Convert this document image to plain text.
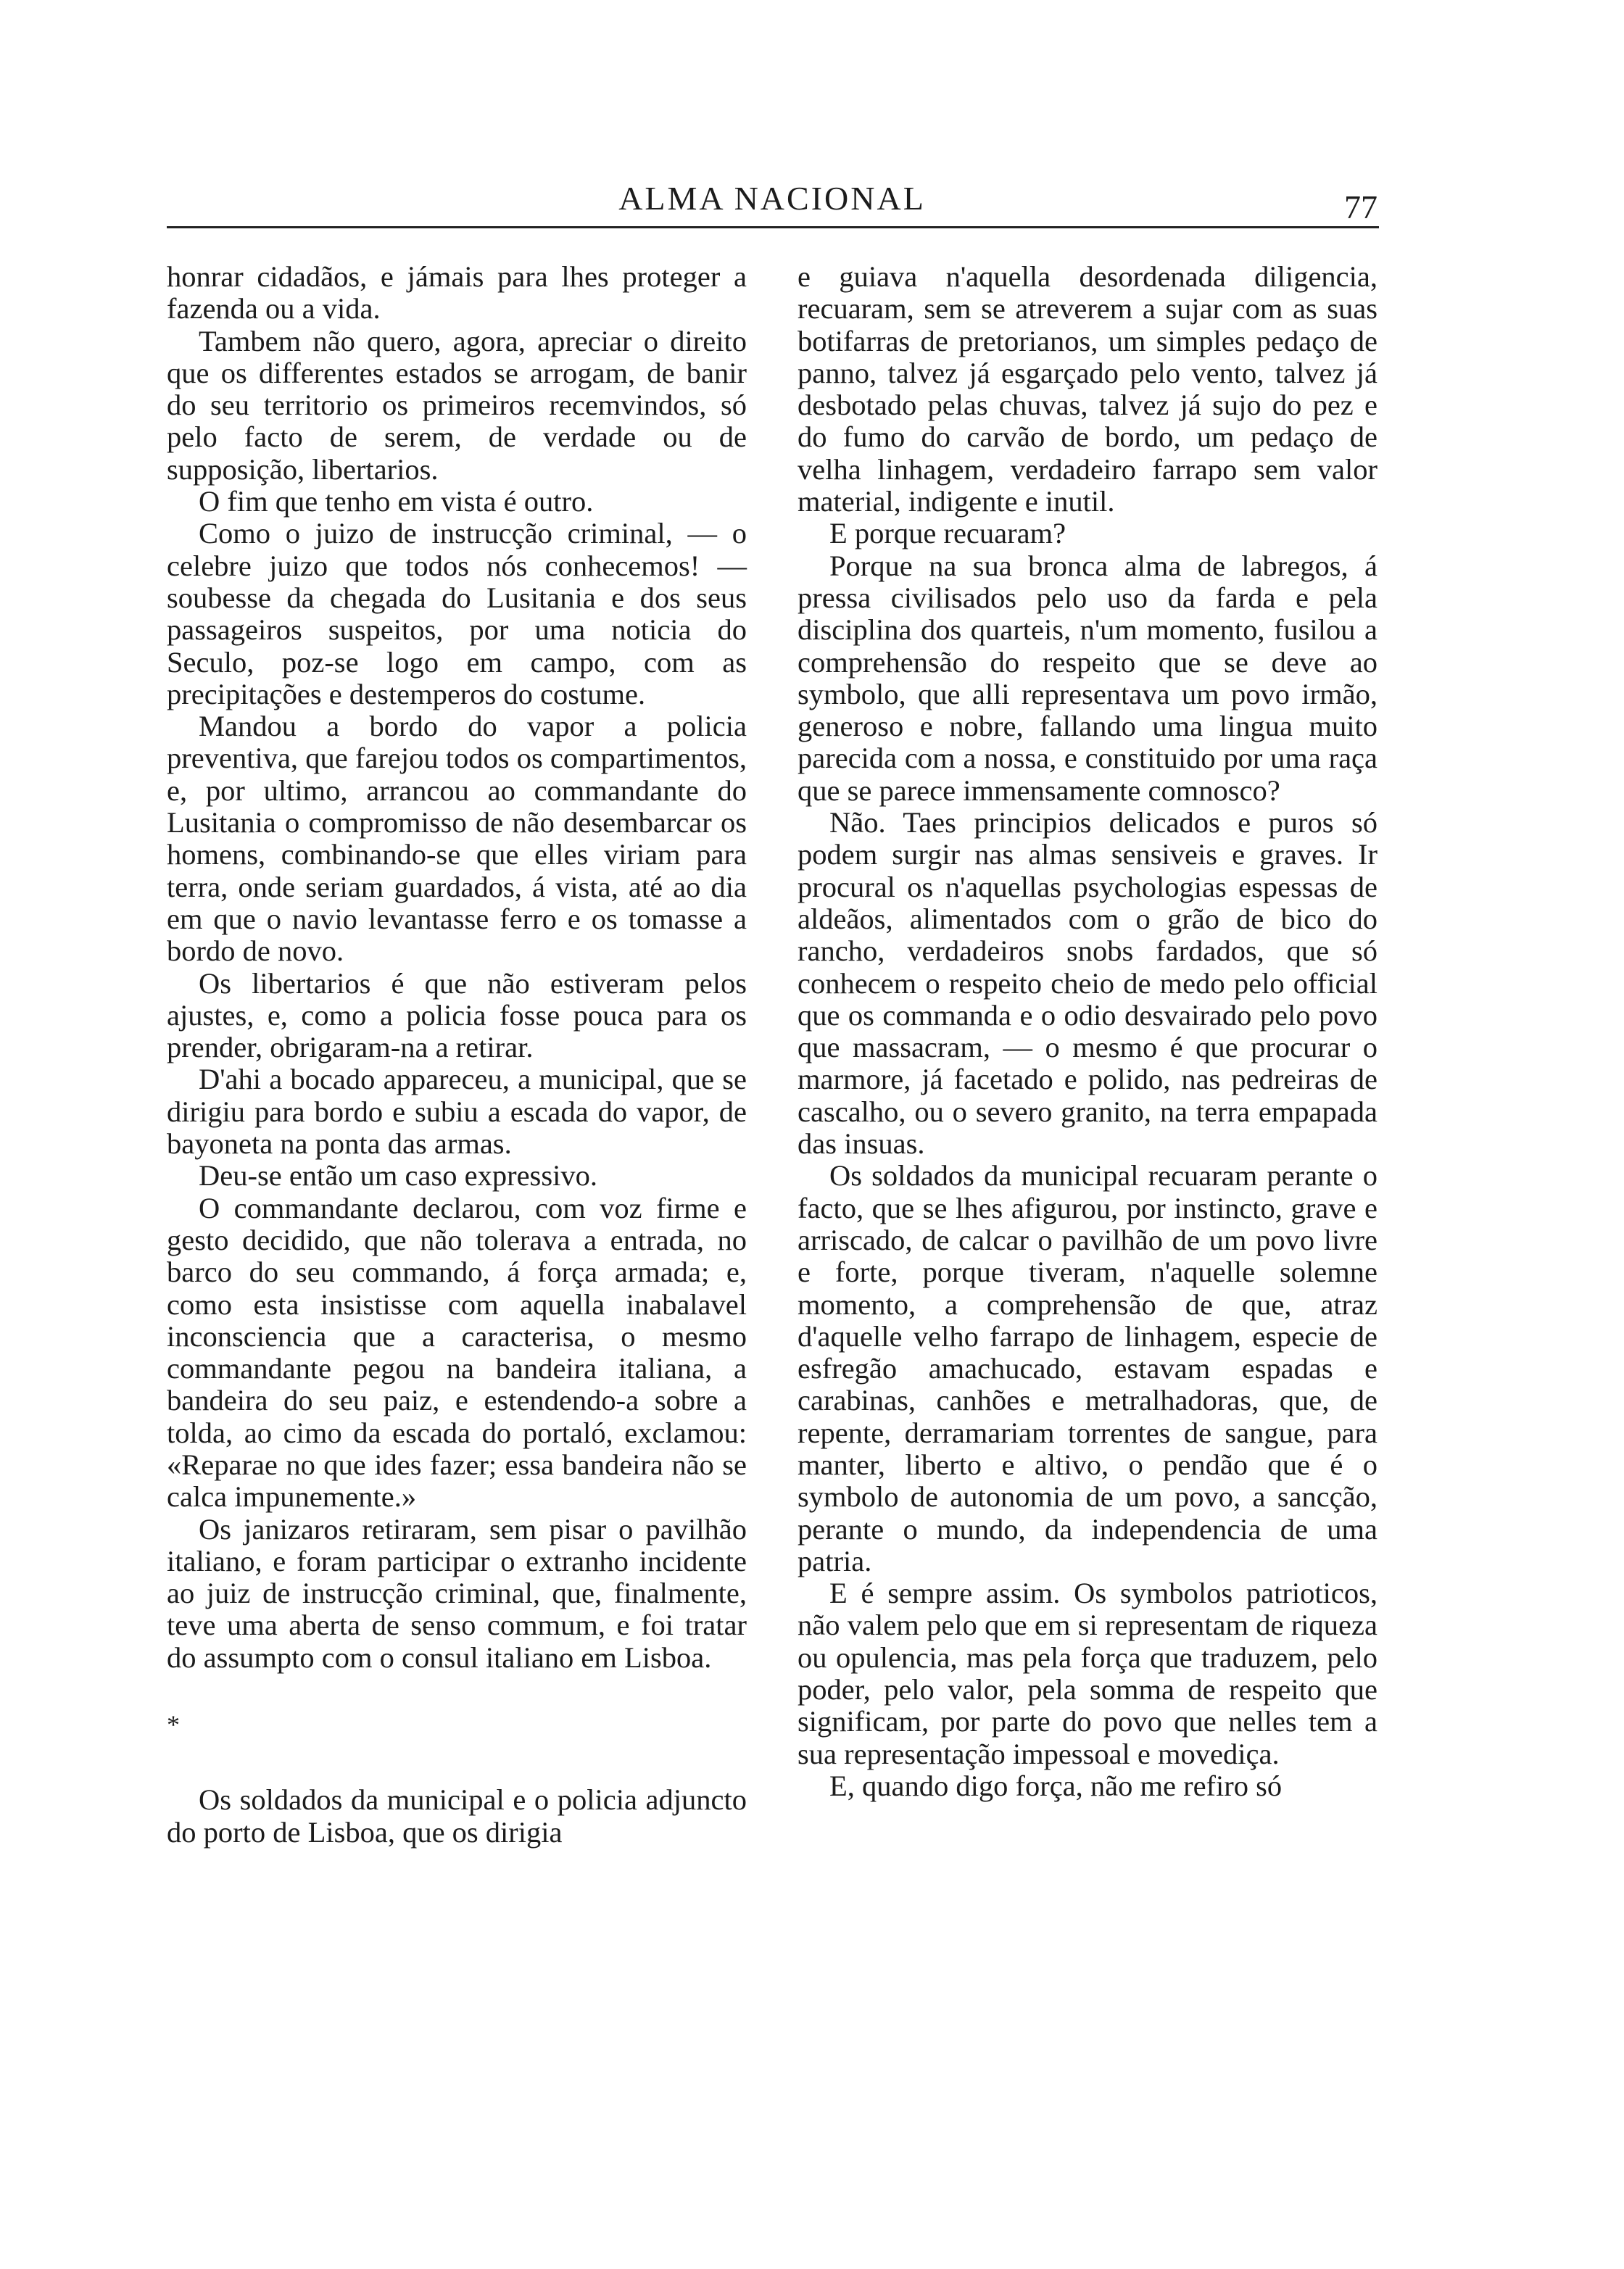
ALMA NACIONAL	77

honrar cidadãos, e jámais para lhes proteger a fazenda ou a vida.

Tambem não quero, agora, apreciar o direito que os differentes estados se arrogam, de banir do seu territorio os primeiros recemvindos, só pelo facto de serem, de verdade ou de supposição, libertarios.

O fim que tenho em vista é outro.

Como o juizo de instrucção criminal, — o celebre juizo que todos nós conhecemos! — soubesse da chegada do Lusitania e dos seus passageiros suspeitos, por uma noticia do Seculo, poz-se logo em campo, com as precipitações e destemperos do costume.

Mandou a bordo do vapor a policia preventiva, que farejou todos os compartimentos, e, por ultimo, arrancou ao commandante do Lusitania o compromisso de não desembarcar os homens, combinando-se que elles viriam para terra, onde seriam guardados, á vista, até ao dia em que o navio levantasse ferro e os tomasse a bordo de novo.

Os libertarios é que não estiveram pelos ajustes, e, como a policia fosse pouca para os prender, obrigaram-na a retirar.

D'ahi a bocado appareceu, a municipal, que se dirigiu para bordo e subiu a escada do vapor, de bayoneta na ponta das armas.

Deu-se então um caso expressivo.

O commandante declarou, com voz firme e gesto decidido, que não tolerava a entrada, no barco do seu commando, á força armada; e, como esta insistisse com aquella inabalavel inconsciencia que a caracterisa, o mesmo commandante pegou na bandeira italiana, a bandeira do seu paiz, e estendendo-a sobre a tolda, ao cimo da escada do portaló, exclamou: «Reparae no que ides fazer; essa bandeira não se calca impunemente.»

Os janizaros retiraram, sem pisar o pavilhão italiano, e foram participar o extranho incidente ao juiz de instrucção criminal, que, finalmente, teve uma aberta de senso commum, e foi tratar do assumpto com o consul italiano em Lisboa.

*

Os soldados da municipal e o policia adjuncto do porto de Lisboa, que os dirigia

e guiava n'aquella desordenada diligencia, recuaram, sem se atreverem a sujar com as suas botifarras de pretorianos, um simples pedaço de panno, talvez já esgarçado pelo vento, talvez já desbotado pelas chuvas, talvez já sujo do pez e do fumo do carvão de bordo, um pedaço de velha linhagem, verdadeiro farrapo sem valor material, indigente e inutil.

E porque recuaram?

Porque na sua bronca alma de labregos, á pressa civilisados pelo uso da farda e pela disciplina dos quarteis, n'um momento, fusilou a comprehensão do respeito que se deve ao symbolo, que alli representava um povo irmão, generoso e nobre, fallando uma lingua muito parecida com a nossa, e constituido por uma raça que se parece immensamente comnosco?

Não. Taes principios delicados e puros só podem surgir nas almas sensiveis e graves. Ir procural os n'aquellas psychologias espessas de aldeãos, alimentados com o grão de bico do rancho, verdadeiros snobs fardados, que só conhecem o respeito cheio de medo pelo official que os commanda e o odio desvairado pelo povo que massacram, — o mesmo é que procurar o marmore, já facetado e polido, nas pedreiras de cascalho, ou o severo granito, na terra empapada das insuas.

Os soldados da municipal recuaram perante o facto, que se lhes afigurou, por instincto, grave e arriscado, de calcar o pavilhão de um povo livre e forte, porque tiveram, n'aquelle solemne momento, a comprehensão de que, atraz d'aquelle velho farrapo de linhagem, especie de esfregão amachucado, estavam espadas e carabinas, canhões e metralhadoras, que, de repente, derramariam torrentes de sangue, para manter, liberto e altivo, o pendão que é o symbolo de autonomia de um povo, a sancção, perante o mundo, da independencia de uma patria.

E é sempre assim. Os symbolos patrioticos, não valem pelo que em si representam de riqueza ou opulencia, mas pela força que traduzem, pelo poder, pelo valor, pela somma de respeito que significam, por parte do povo que nelles tem a sua representação impessoal e movediça.

E, quando digo força, não me refiro só
